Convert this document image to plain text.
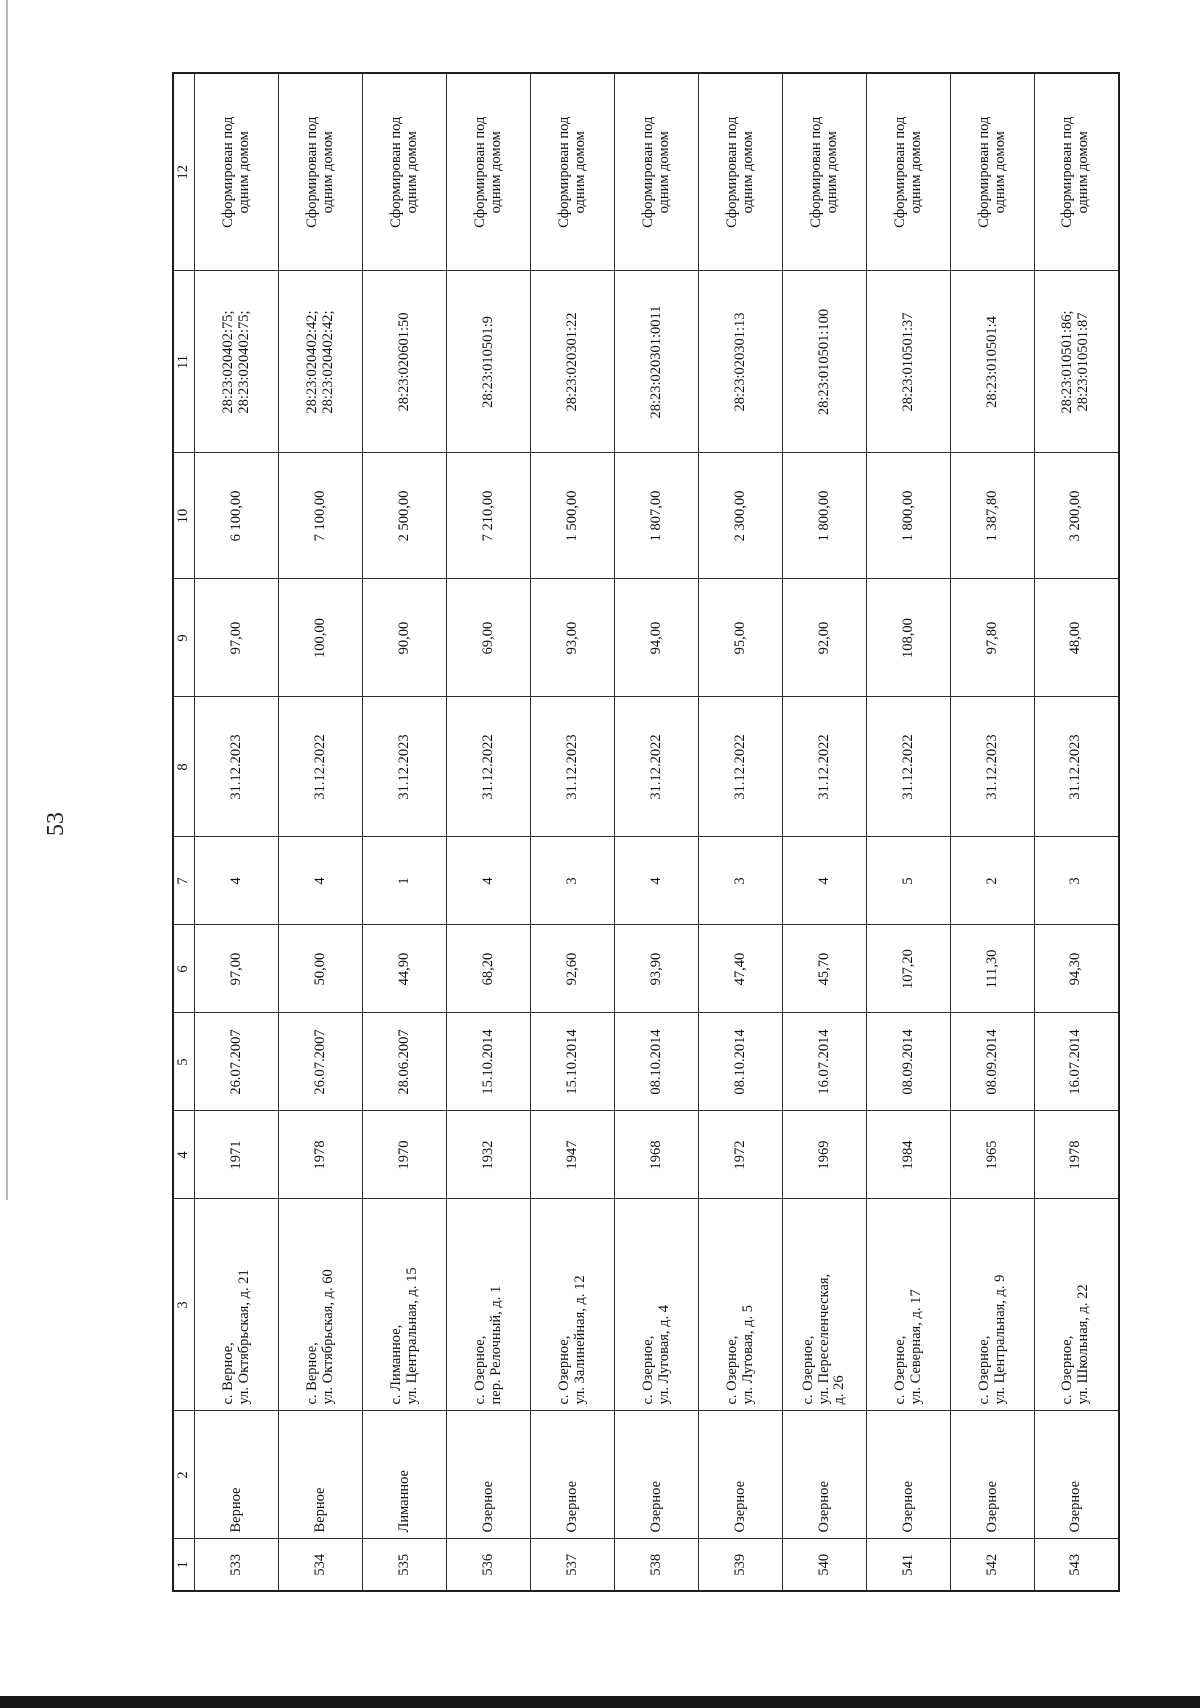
53
1	2	3	4	5	6	7	8	9	10	11	12
533	Верное	с. Верное, ул. Октябрьская, д. 21	1971	26.07.2007	97,00	4	31.12.2023	97,00	6 100,00	28:23:020402:75; 28:23:020402:75;	Сформирован под одним домом

534	Верное	с. Верное, ул. Октябрьская, д. 60	1978	26.07.2007	50,00	4	31.12.2022	100,00	7 100,00	28:23:020402:42; 28:23:020402:42;	Сформирован под одним домом

535	Лиманное	с. Лиманное, ул. Центральная, д. 15	1970	28.06.2007	44,90	1	31.12.2023	90,00	2 500,00	28:23:020601:50	Сформирован под одним домом

536	Озерное	с. Озерное, пер. Релочный, д. 1	1932	15.10.2014	68,20	4	31.12.2022	69,00	7 210,00	28:23:010501:9	Сформирован под одним домом

537	Озерное	с. Озерное, ул. Залинейная, д. 12	1947	15.10.2014	92,60	3	31.12.2023	93,00	1 500,00	28:23:020301:22	Сформирован под одним домом

538	Озерное	с. Озерное, ул. Луговая, д. 4	1968	08.10.2014	93,90	4	31.12.2022	94,00	1 807,00	28:23:020301:0011	Сформирован под одним домом

539	Озерное	с. Озерное, ул. Луговая, д. 5	1972	08.10.2014	47,40	3	31.12.2022	95,00	2 300,00	28:23:020301:13	Сформирован под одним домом

540	Озерное	с. Озерное, ул. Переселенческая, д. 26	1969	16.07.2014	45,70	4	31.12.2022	92,00	1 800,00	28:23:010501:100	Сформирован под одним домом

541	Озерное	с. Озерное, ул. Северная, д. 17	1984	08.09.2014	107,20	5	31.12.2022	108,00	1 800,00	28:23:010501:37	Сформирован под одним домом

542	Озерное	с. Озерное, ул. Центральная, д. 9	1965	08.09.2014	111,30	2	31.12.2023	97,80	1 387,80	28:23:010501:4	Сформирован под одним домом

543	Озерное	с. Озерное, ул. Школьная, д. 22	1978	16.07.2014	94,30	3	31.12.2023	48,00	3 200,00	28:23:010501:86; 28:23:010501:87	Сформирован под одним домом
